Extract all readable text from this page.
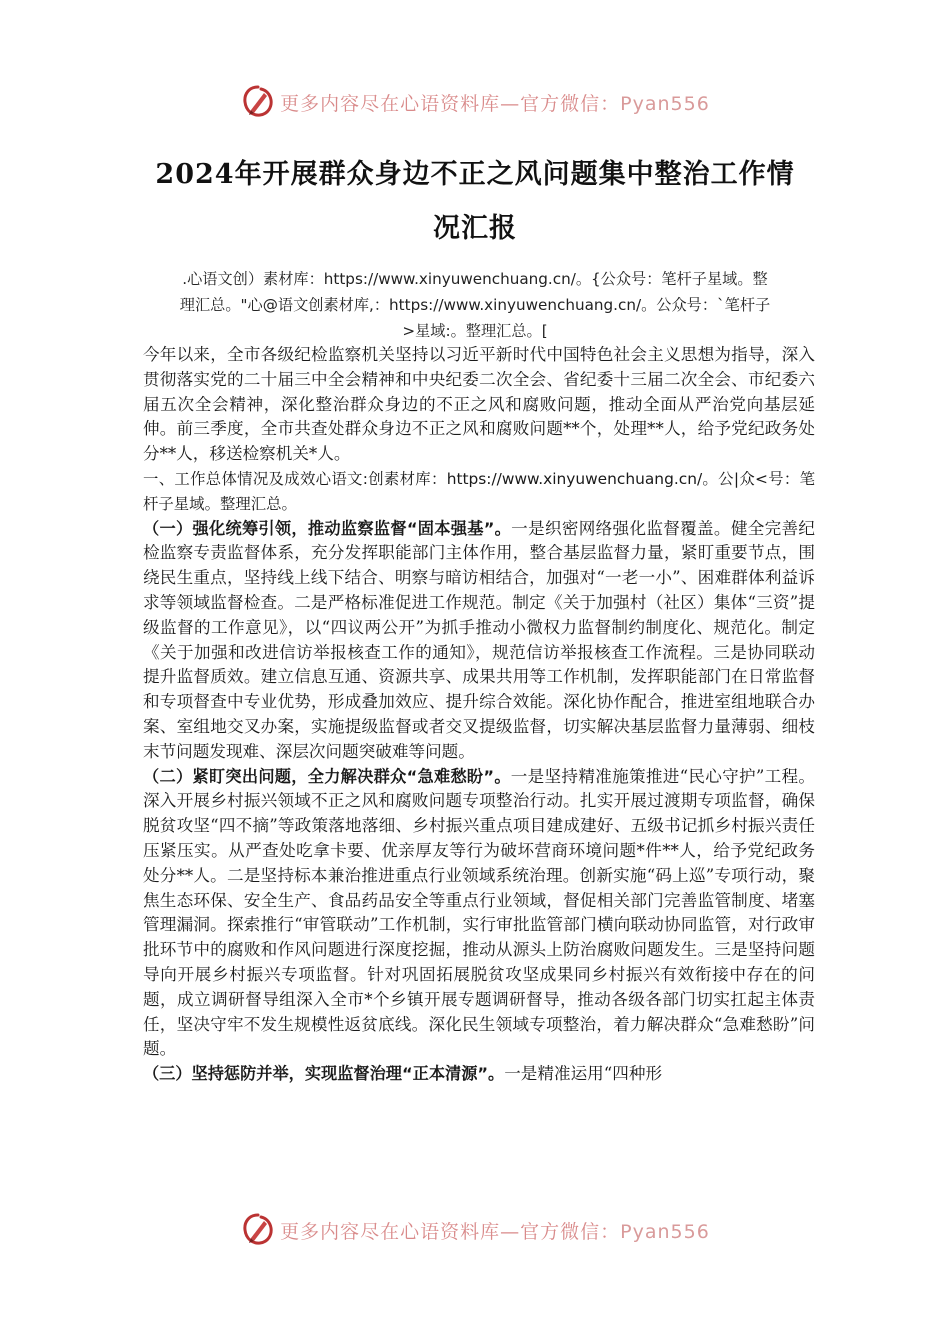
更多内容尽在心语资料库—官方微信：Pyan556
2024年开展群众身边不正之风问题集中整治工作情
况汇报
.心语文创）素材库：https://www.xinyuwenchuang.cn/。{公众号：笔杆子星域。整
理汇总。"心@语文创素材库,：https://www.xinyuwenchuang.cn/。公众号：`笔杆子
>星域:。整理汇总。[

今年以来，全市各级纪检监察机关坚持以习近平新时代中国特色社会主义思想为指导，深入贯彻落实党的二十届三中全会精神和中央纪委二次全会、省纪委十三届二次全会、市纪委六届五次全会精神，深化整治群众身边的不正之风和腐败问题，推动全面从严治党向基层延伸。前三季度，全市共查处群众身边不正之风和腐败问题**个，处理**人，给予党纪政务处分**人，移送检察机关*人。

一、工作总体情况及成效心语文:创素材库：https://www.xinyuwenchuang.cn/。公|众<号：笔杆子星域。整理汇总。

（一）强化统筹引领，推动监察监督“固本强基”。一是织密网络强化监督覆盖。健全完善纪检监察专责监督体系，充分发挥职能部门主体作用，整合基层监督力量，紧盯重要节点，围绕民生重点，坚持线上线下结合、明察与暗访相结合，加强对“一老一小”、困难群体利益诉求等领域监督检查。二是严格标准促进工作规范。制定《关于加强村（社区）集体“三资”提级监督的工作意见》，以“四议两公开”为抓手推动小微权力监督制约制度化、规范化。制定《关于加强和改进信访举报核查工作的通知》，规范信访举报核查工作流程。三是协同联动提升监督质效。建立信息互通、资源共享、成果共用等工作机制，发挥职能部门在日常监督和专项督查中专业优势，形成叠加效应、提升综合效能。深化协作配合，推进室组地联合办案、室组地交叉办案，实施提级监督或者交叉提级监督，切实解决基层监督力量薄弱、细枝末节问题发现难、深层次问题突破难等问题。

（二）紧盯突出问题，全力解决群众“急难愁盼”。一是坚持精准施策推进“民心守护”工程。深入开展乡村振兴领域不正之风和腐败问题专项整治行动。扎实开展过渡期专项监督，确保脱贫攻坚“四不摘”等政策落地落细、乡村振兴重点项目建成建好、五级书记抓乡村振兴责任压紧压实。从严查处吃拿卡要、优亲厚友等行为破坏营商环境问题*件**人，给予党纪政务处分**人。二是坚持标本兼治推进重点行业领域系统治理。创新实施“码上巡”专项行动，聚焦生态环保、安全生产、食品药品安全等重点行业领域，督促相关部门完善监管制度、堵塞管理漏洞。探索推行“审管联动”工作机制，实行审批监管部门横向联动协同监管，对行政审批环节中的腐败和作风问题进行深度挖掘，推动从源头上防治腐败问题发生。三是坚持问题导向开展乡村振兴专项监督。针对巩固拓展脱贫攻坚成果同乡村振兴有效衔接中存在的问题，成立调研督导组深入全市*个乡镇开展专题调研督导，推动各级各部门切实扛起主体责任，坚决守牢不发生规模性返贫底线。深化民生领域专项整治，着力解决群众“急难愁盼”问题。

（三）坚持惩防并举，实现监督治理“正本清源”。一是精准运用“四种形

更多内容尽在心语资料库—官方微信：Pyan556
